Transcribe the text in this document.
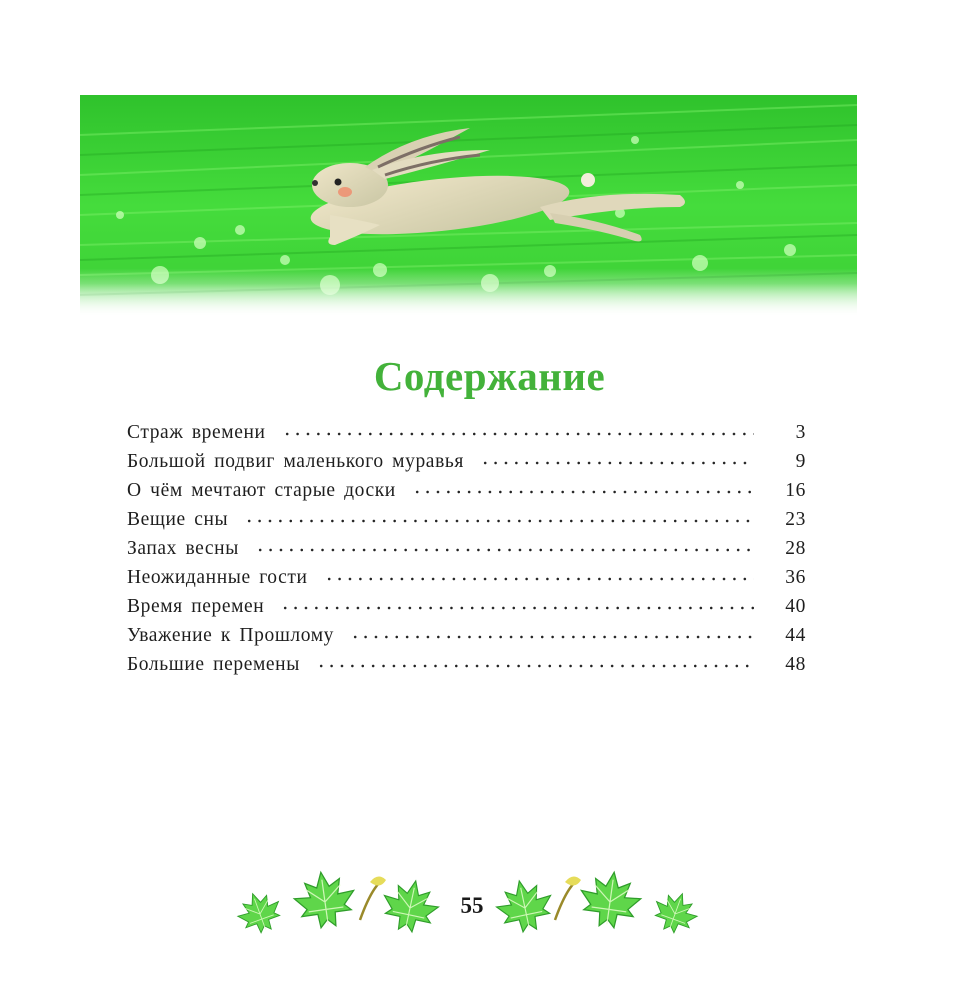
Содержание
Страж времени	3
Большой подвиг маленького муравья	9
О чём мечтают старые доски	16
Вещие сны	23
Запах весны	28
Неожиданные гости	36
Время перемен	40
Уважение к Прошлому	44
Большие перемены	48
55
